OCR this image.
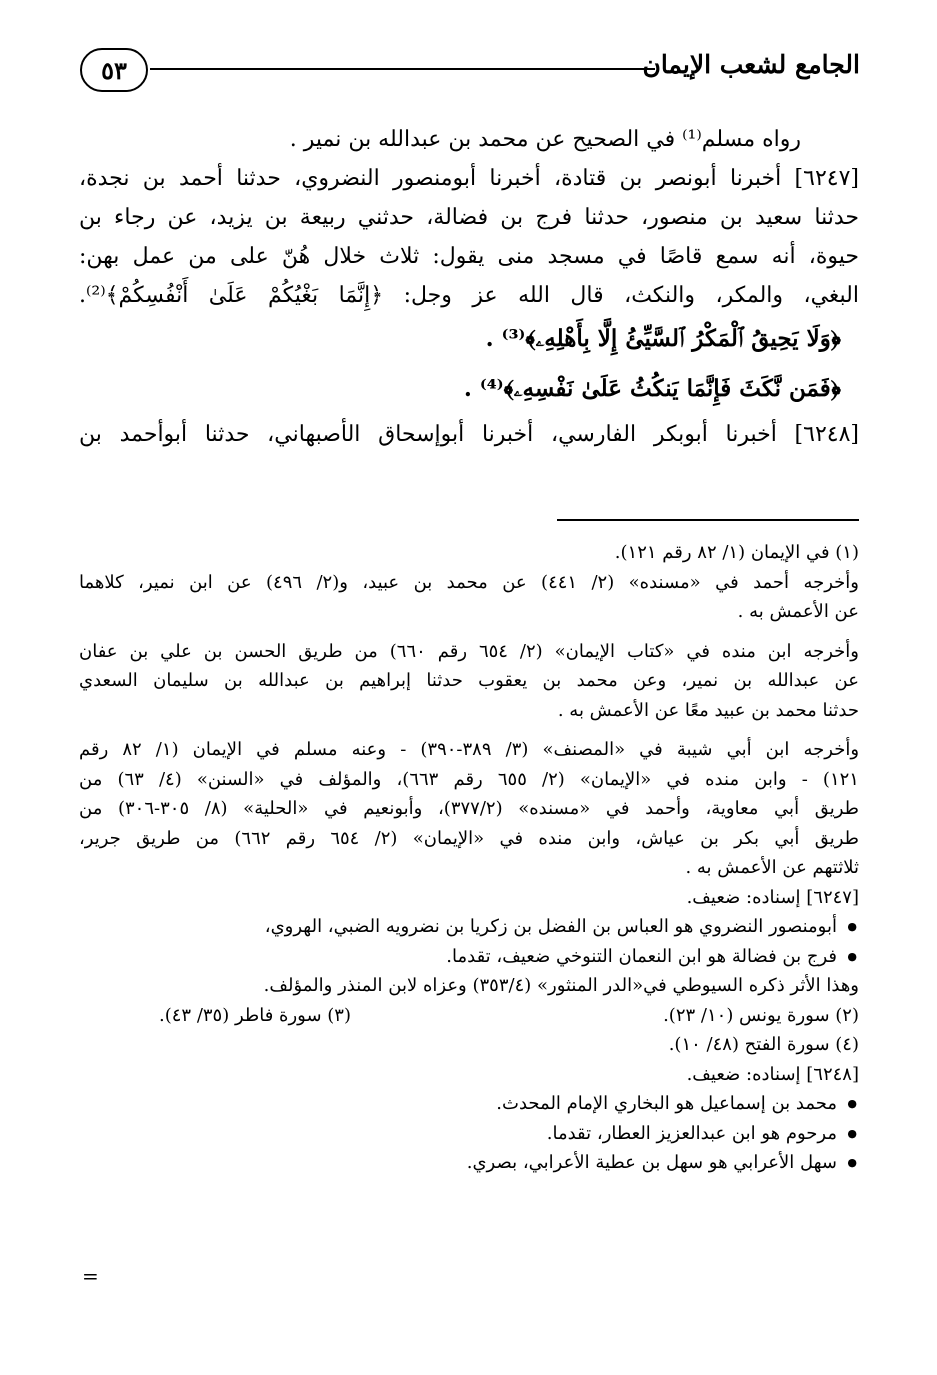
٥٣	الجامع لشعب الإيمان
رواه مسلم⁽¹⁾ في الصحيح عن محمد بن عبدالله بن نمير .
[٦٢٤٧] أخبرنا أبونصر بن قتادة، أخبرنا أبومنصور النضروي، حدثنا أحمد بن نجدة،
حدثنا سعيد بن منصور، حدثنا فرج بن فضالة، حدثني ربيعة بن يزيد، عن رجاء بن
حيوة، أنه سمع قاصًا في مسجد منى يقول: ثلاث خلال هُنّ على من عمل بهن:
البغي، والمكر، والنكث، قال الله عز وجل: ﴿إِنَّمَا بَغْيُكُمْ عَلَىٰ أَنْفُسِكُمْ﴾⁽²⁾.
﴿وَلَا يَحِيقُ ٱلْمَكْرُ ٱلسَّيِّئُ إِلَّا بِأَهْلِهِۦ﴾⁽³⁾ .
﴿فَمَن نَّكَثَ فَإِنَّمَا يَنكُثُ عَلَىٰ نَفْسِهِۦ﴾⁽⁴⁾ .
[٦٢٤٨] أخبرنا أبوبكر الفارسي، أخبرنا أبوإسحاق الأصبهاني، حدثنا أبوأحمد بن
(١) في الإيمان (١/ ٨٢ رقم ١٢١).
وأخرجه أحمد في «مسنده» (٢/ ٤٤١) عن محمد بن عبيد، و(٢/ ٤٩٦) عن ابن نمير، كلاهما
عن الأعمش به .
وأخرجه ابن منده في «كتاب الإيمان» (٢/ ٦٥٤ رقم ٦٦٠) من طريق الحسن بن علي بن عفان
عن عبدالله بن نمير، وعن محمد بن يعقوب حدثنا إبراهيم بن عبدالله بن سليمان السعدي
حدثنا محمد بن عبيد معًا عن الأعمش به .
وأخرجه ابن أبي شيبة في «المصنف» (٣/ ٣٨٩-٣٩٠) - وعنه مسلم في الإيمان (١/ ٨٢ رقم
١٢١) - وابن منده في «الإيمان» (٢/ ٦٥٥ رقم ٦٦٣)، والمؤلف في «السنن» (٤/ ٦٣) من
طريق أبي معاوية، وأحمد في «مسنده» (٣٧٧/٢)، وأبونعيم في «الحلية» (٨/ ٣٠٥-٣٠٦) من
طريق أبي بكر بن عياش، وابن منده في «الإيمان» (٢/ ٦٥٤ رقم ٦٦٢) من طريق جرير،
ثلاثتهم عن الأعمش به .
[٦٢٤٧] إسناده: ضعيف.
● أبومنصور النضروي هو العباس بن الفضل بن زكريا بن نضرويه الضبي، الهروي،
● فرج بن فضالة هو ابن النعمان التنوخي ضعيف، تقدما.
وهذا الأثر ذكره السيوطي في«الدر المنثور» (٣٥٣/٤) وعزاه لابن المنذر والمؤلف.
(٢) سورة يونس (١٠/ ٢٣).
(٣) سورة فاطر (٣٥/ ٤٣).
(٤) سورة الفتح (٤٨/ ١٠).
[٦٢٤٨] إسناده: ضعيف.
● محمد بن إسماعيل هو البخاري الإمام المحدث.
● مرحوم هو ابن عبدالعزيز العطار، تقدما.
● سهل الأعرابي هو سهل بن عطية الأعرابي، بصري.
=
